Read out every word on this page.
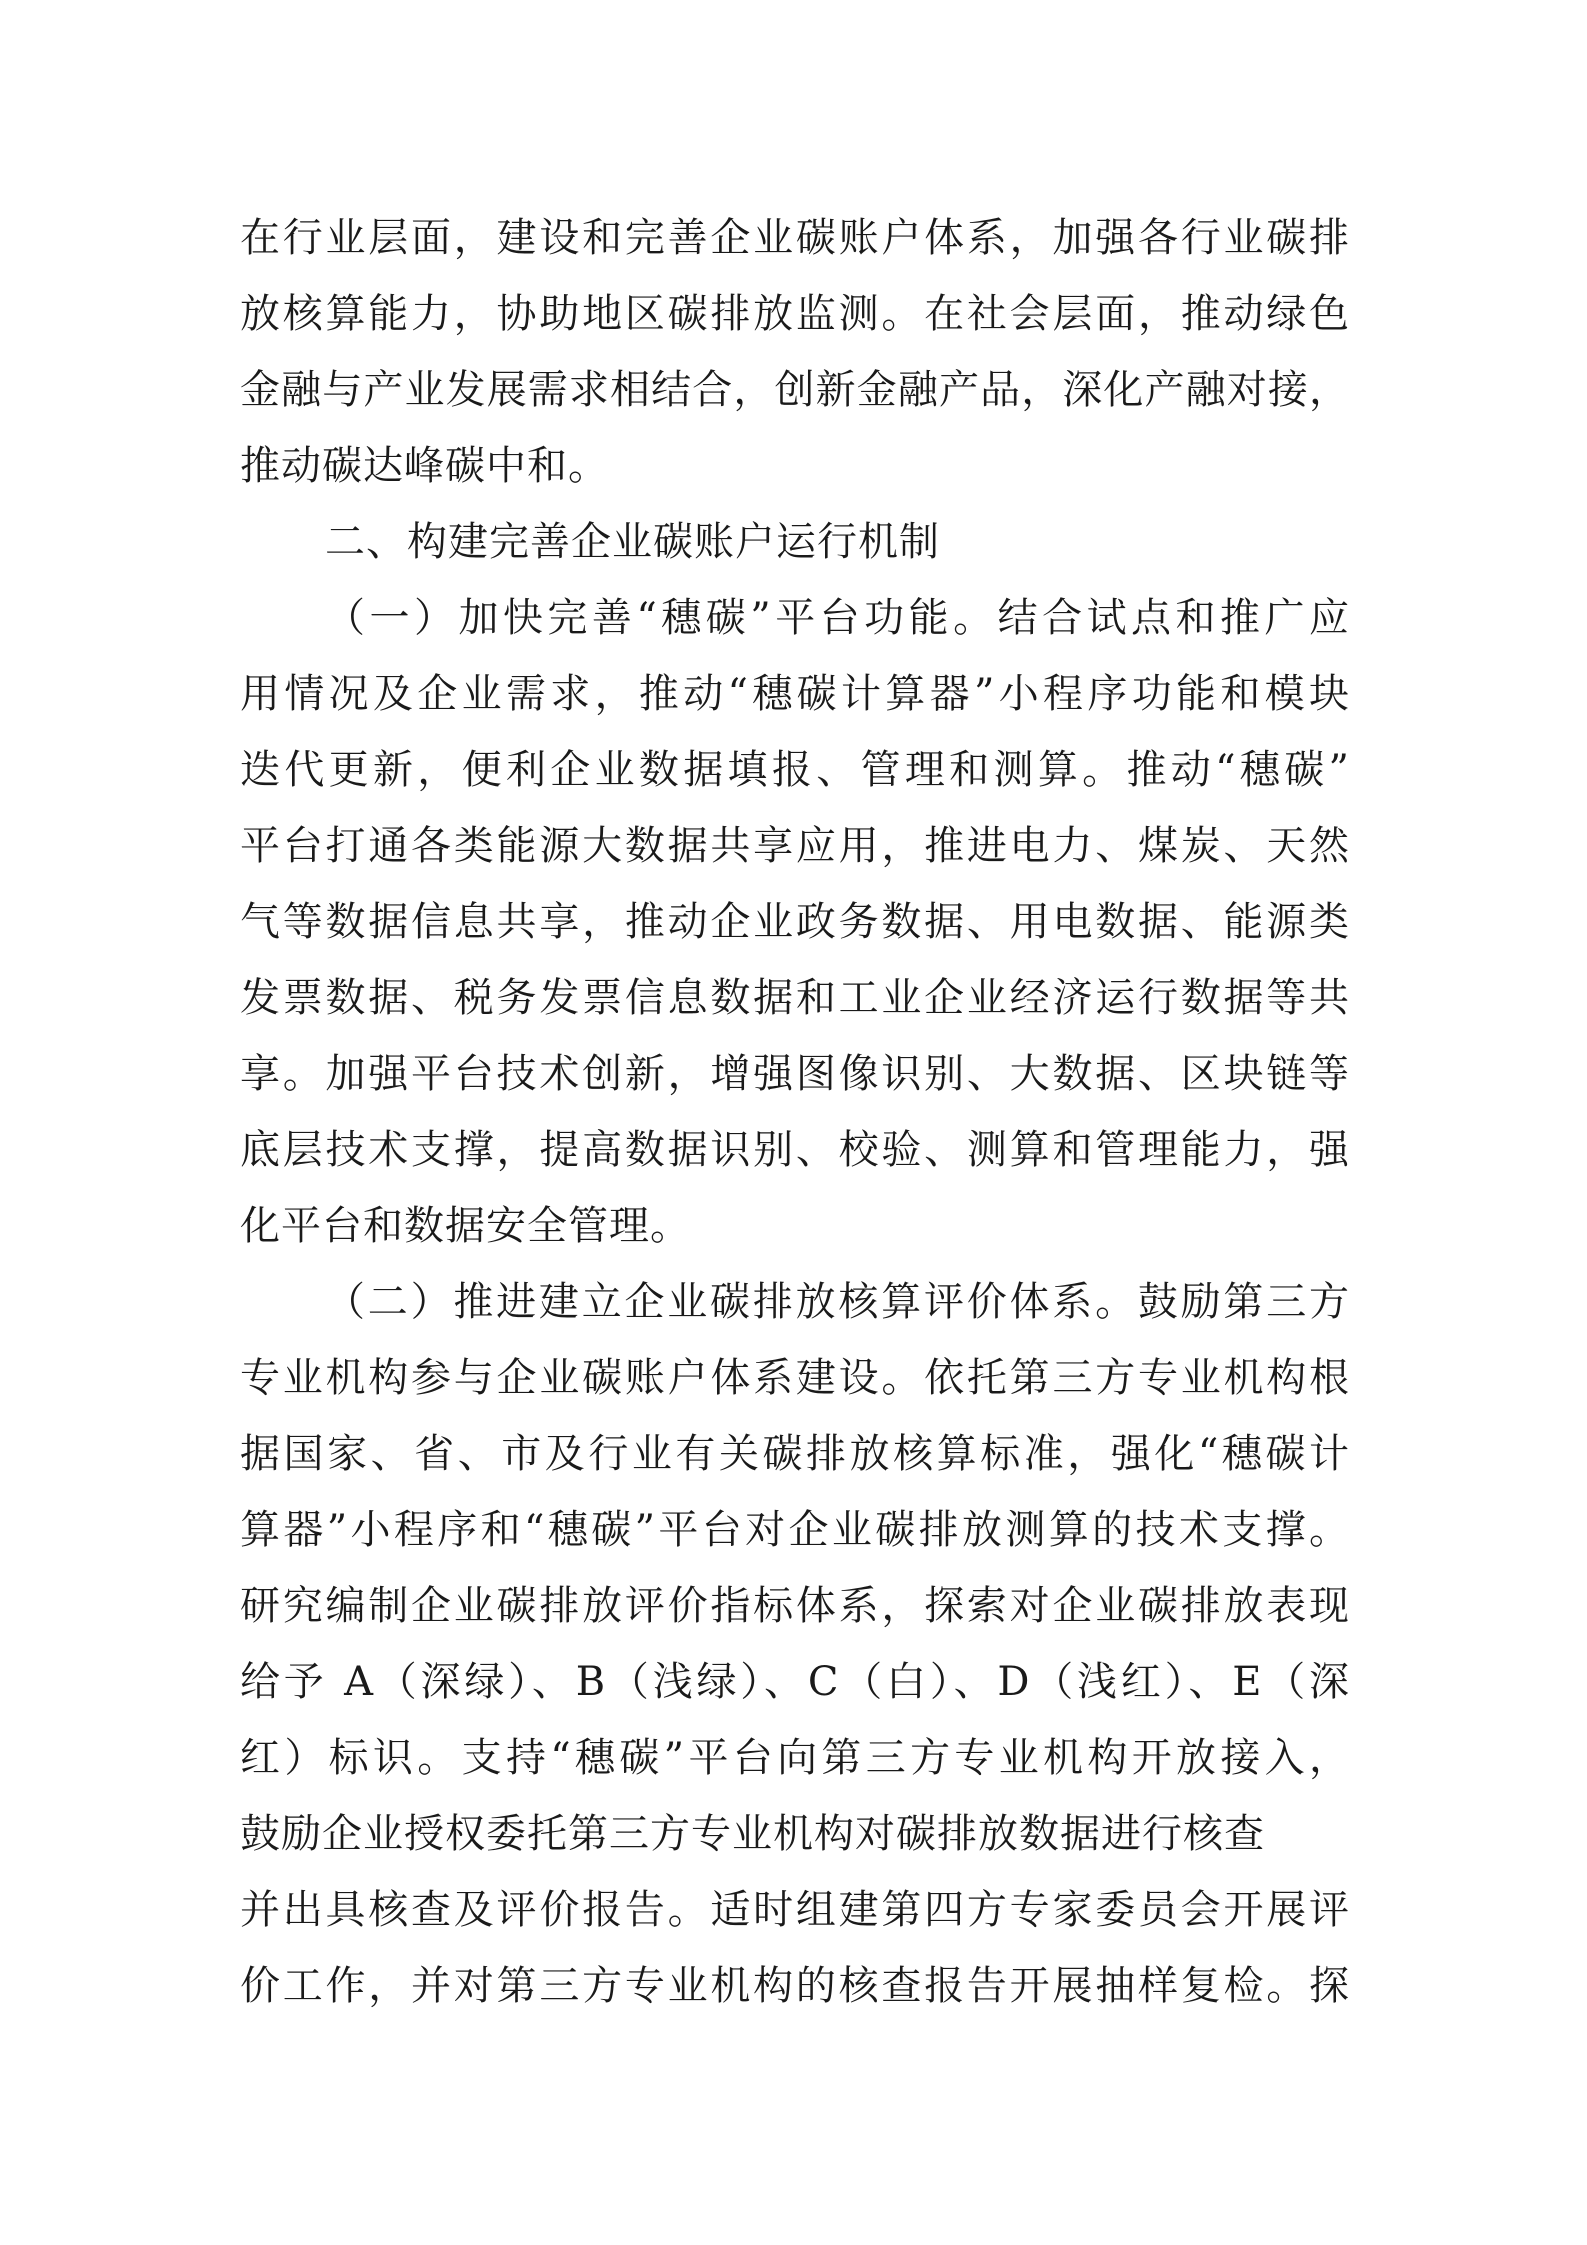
在行业层面，建设和完善企业碳账户体系，加强各行业碳排
放核算能力，协助地区碳排放监测。在社会层面，推动绿色
金融与产业发展需求相结合，创新金融产品，深化产融对接，
推动碳达峰碳中和。
二、构建完善企业碳账户运行机制
（一）加快完善“穗碳”平台功能。结合试点和推广应
用情况及企业需求，推动“穗碳计算器”小程序功能和模块
迭代更新，便利企业数据填报、管理和测算。推动“穗碳”
平台打通各类能源大数据共享应用，推进电力、煤炭、天然
气等数据信息共享，推动企业政务数据、用电数据、能源类
发票数据、税务发票信息数据和工业企业经济运行数据等共
享。加强平台技术创新，增强图像识别、大数据、区块链等
底层技术支撑，提高数据识别、校验、测算和管理能力，强
化平台和数据安全管理。
（二）推进建立企业碳排放核算评价体系。鼓励第三方
专业机构参与企业碳账户体系建设。依托第三方专业机构根
据国家、省、市及行业有关碳排放核算标准，强化“穗碳计
算器”小程序和“穗碳”平台对企业碳排放测算的技术支撑。
研究编制企业碳排放评价指标体系，探索对企业碳排放表现
给予 A（深绿）、B（浅绿）、C（白）、D（浅红）、E（深
红）标识。支持“穗碳”平台向第三方专业机构开放接入，
鼓励企业授权委托第三方专业机构对碳排放数据进行核查
并出具核查及评价报告。适时组建第四方专家委员会开展评
价工作，并对第三方专业机构的核查报告开展抽样复检。探
